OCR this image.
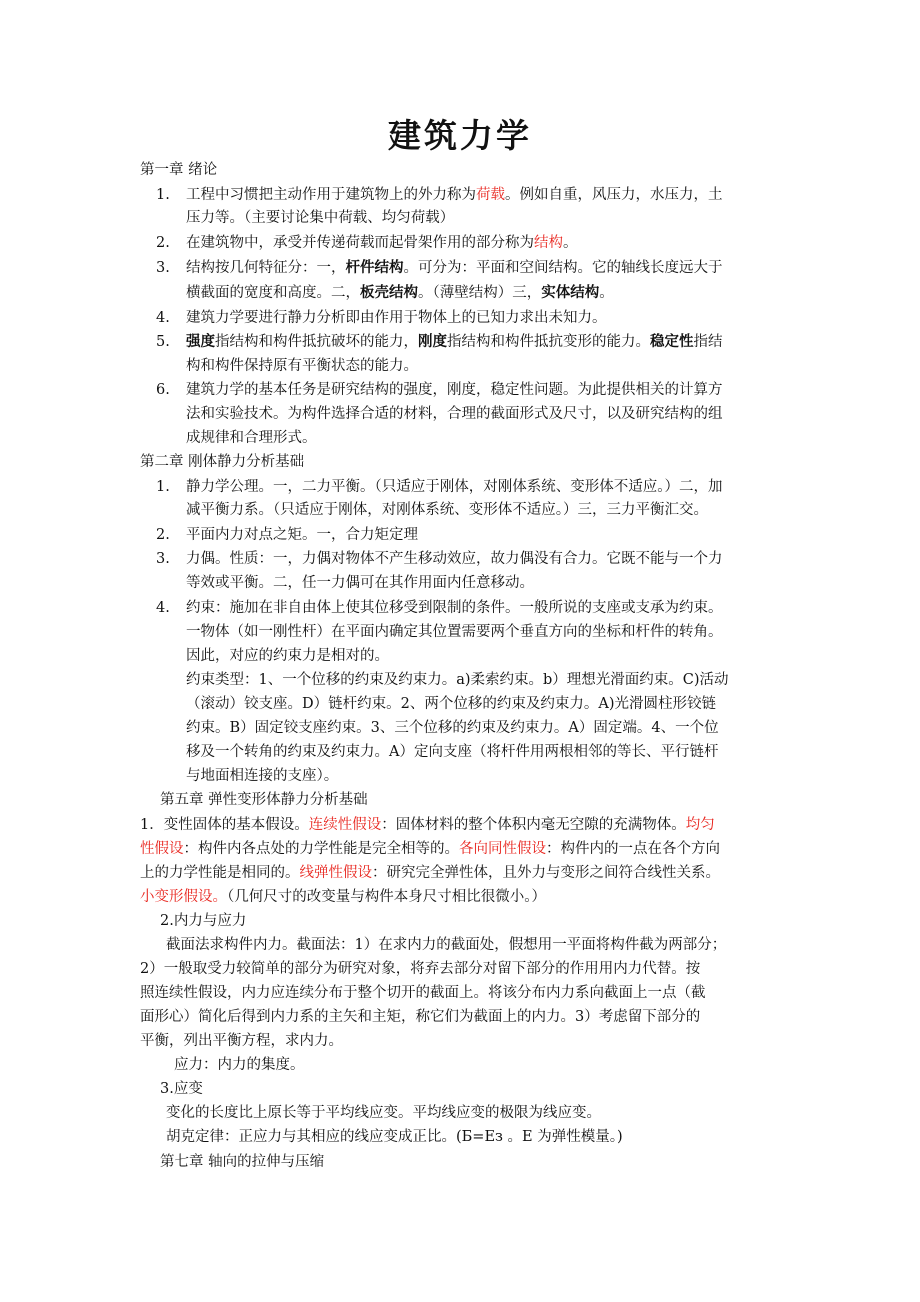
建筑力学
第一章 绪论
1. 工程中习惯把主动作用于建筑物上的外力称为荷载。例如自重，风压力，水压力，土
压力等。（主要讨论集中荷载、均匀荷载）
2. 在建筑物中，承受并传递荷载而起骨架作用的部分称为结构。
3. 结构按几何特征分：一，杆件结构。可分为：平面和空间结构。它的轴线长度远大于
横截面的宽度和高度。二，板壳结构。（薄壁结构）三，实体结构。
4. 建筑力学要进行静力分析即由作用于物体上的已知力求出未知力。
5. 强度指结构和构件抵抗破坏的能力，刚度指结构和构件抵抗变形的能力。稳定性指结
构和构件保持原有平衡状态的能力。
6. 建筑力学的基本任务是研究结构的强度，刚度，稳定性问题。为此提供相关的计算方
法和实验技术。为构件选择合适的材料，合理的截面形式及尺寸，以及研究结构的组
成规律和合理形式。
第二章 刚体静力分析基础
1. 静力学公理。一，二力平衡。（只适应于刚体，对刚体系统、变形体不适应。）二，加
减平衡力系。（只适应于刚体，对刚体系统、变形体不适应。）三，三力平衡汇交。
2. 平面内力对点之矩。一，合力矩定理
3. 力偶。性质：一，力偶对物体不产生移动效应，故力偶没有合力。它既不能与一个力
等效或平衡。二，任一力偶可在其作用面内任意移动。
4. 约束：施加在非自由体上使其位移受到限制的条件。一般所说的支座或支承为约束。
一物体（如一刚性杆）在平面内确定其位置需要两个垂直方向的坐标和杆件的转角。
因此，对应的约束力是相对的。
约束类型：1、一个位移的约束及约束力。a)柔索约束。b）理想光滑面约束。C)活动
（滚动）铰支座。D）链杆约束。2、两个位移的约束及约束力。A)光滑圆柱形铰链
约束。B）固定铰支座约束。3、三个位移的约束及约束力。A）固定端。4、一个位
移及一个转角的约束及约束力。A）定向支座（将杆件用两根相邻的等长、平行链杆
与地面相连接的支座）。
第五章 弹性变形体静力分析基础
1．变性固体的基本假设。连续性假设：固体材料的整个体积内毫无空隙的充满物体。均匀
性假设：构件内各点处的力学性能是完全相等的。各向同性假设：构件内的一点在各个方向
上的力学性能是相同的。线弹性假设：研究完全弹性体，且外力与变形之间符合线性关系。
小变形假设。（几何尺寸的改变量与构件本身尺寸相比很微小。）
2.内力与应力
截面法求构件内力。截面法：1）在求内力的截面处，假想用一平面将构件截为两部分；
2）一般取受力较简单的部分为研究对象，将弃去部分对留下部分的作用用内力代替。按
照连续性假设，内力应连续分布于整个切开的截面上。将该分布内力系向截面上一点（截
面形心）简化后得到内力系的主矢和主矩，称它们为截面上的内力。3）考虑留下部分的
平衡，列出平衡方程，求内力。
应力：内力的集度。
3.应变
变化的长度比上原长等于平均线应变。平均线应变的极限为线应变。
胡克定律：正应力与其相应的线应变成正比。(Б=Eз 。E 为弹性模量。)
第七章 轴向的拉伸与压缩
